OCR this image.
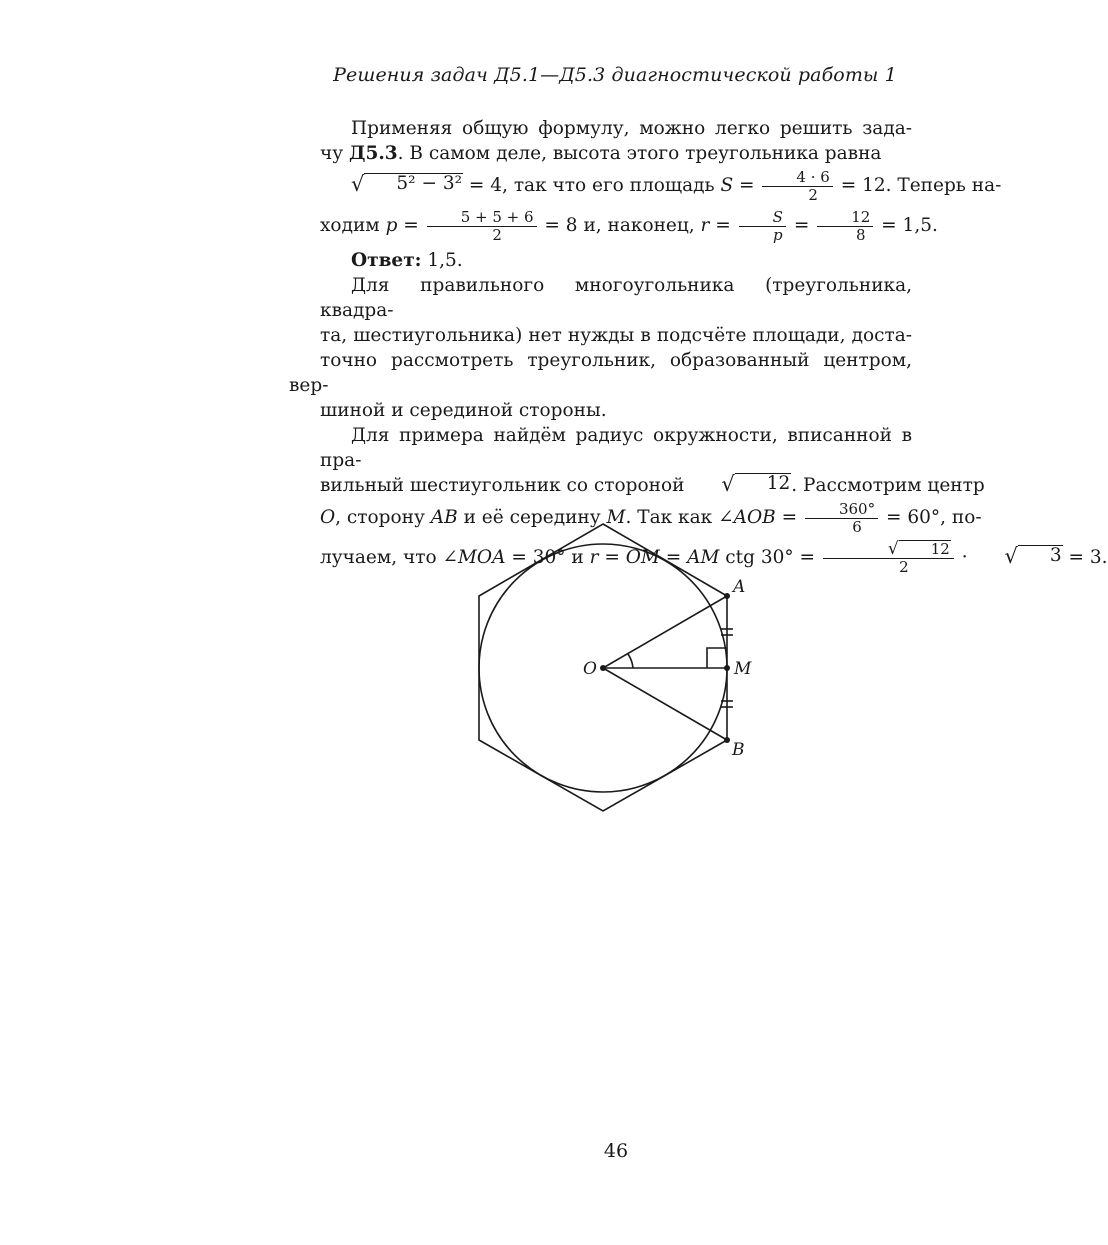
Решения задач Д5.1—Д5.3 диагностической работы 1
Применяя общую формулу, можно легко решить зада-
чу Д5.3. В самом деле, высота этого треугольника равна
√	5² − 3² = 4, так что его площадь $S = \frac{4 \cdot 6}{2} = 12$. Теперь на-
ходим $p = \frac{5 + 5 + 6}{2} = 8$ и, наконец, $r = \frac{S}{p} = \frac{12}{8} = 1,5$.
Ответ: 1,5.
Для правильного многоугольника (треугольника, квадра-
та, шестиугольника) нет нужды в подсчёте площади, доста-
точно рассмотреть треугольник, образованный центром, вер-
шиной и серединой стороны.
Для примера найдём радиус окружности, вписанной в пра-
вильный шестиугольник со стороной	√	12 . Рассмотрим центр
O, сторону AB и её середину M. Так как ∠AOB = $\frac{360^\circ}{6} = 60^\circ$, по-
лучаем, что ∠MOA = 30° и r = OM = AM ctg 30° = √	12
2 ·	√	3 = 3.
A
M
B
O
46
